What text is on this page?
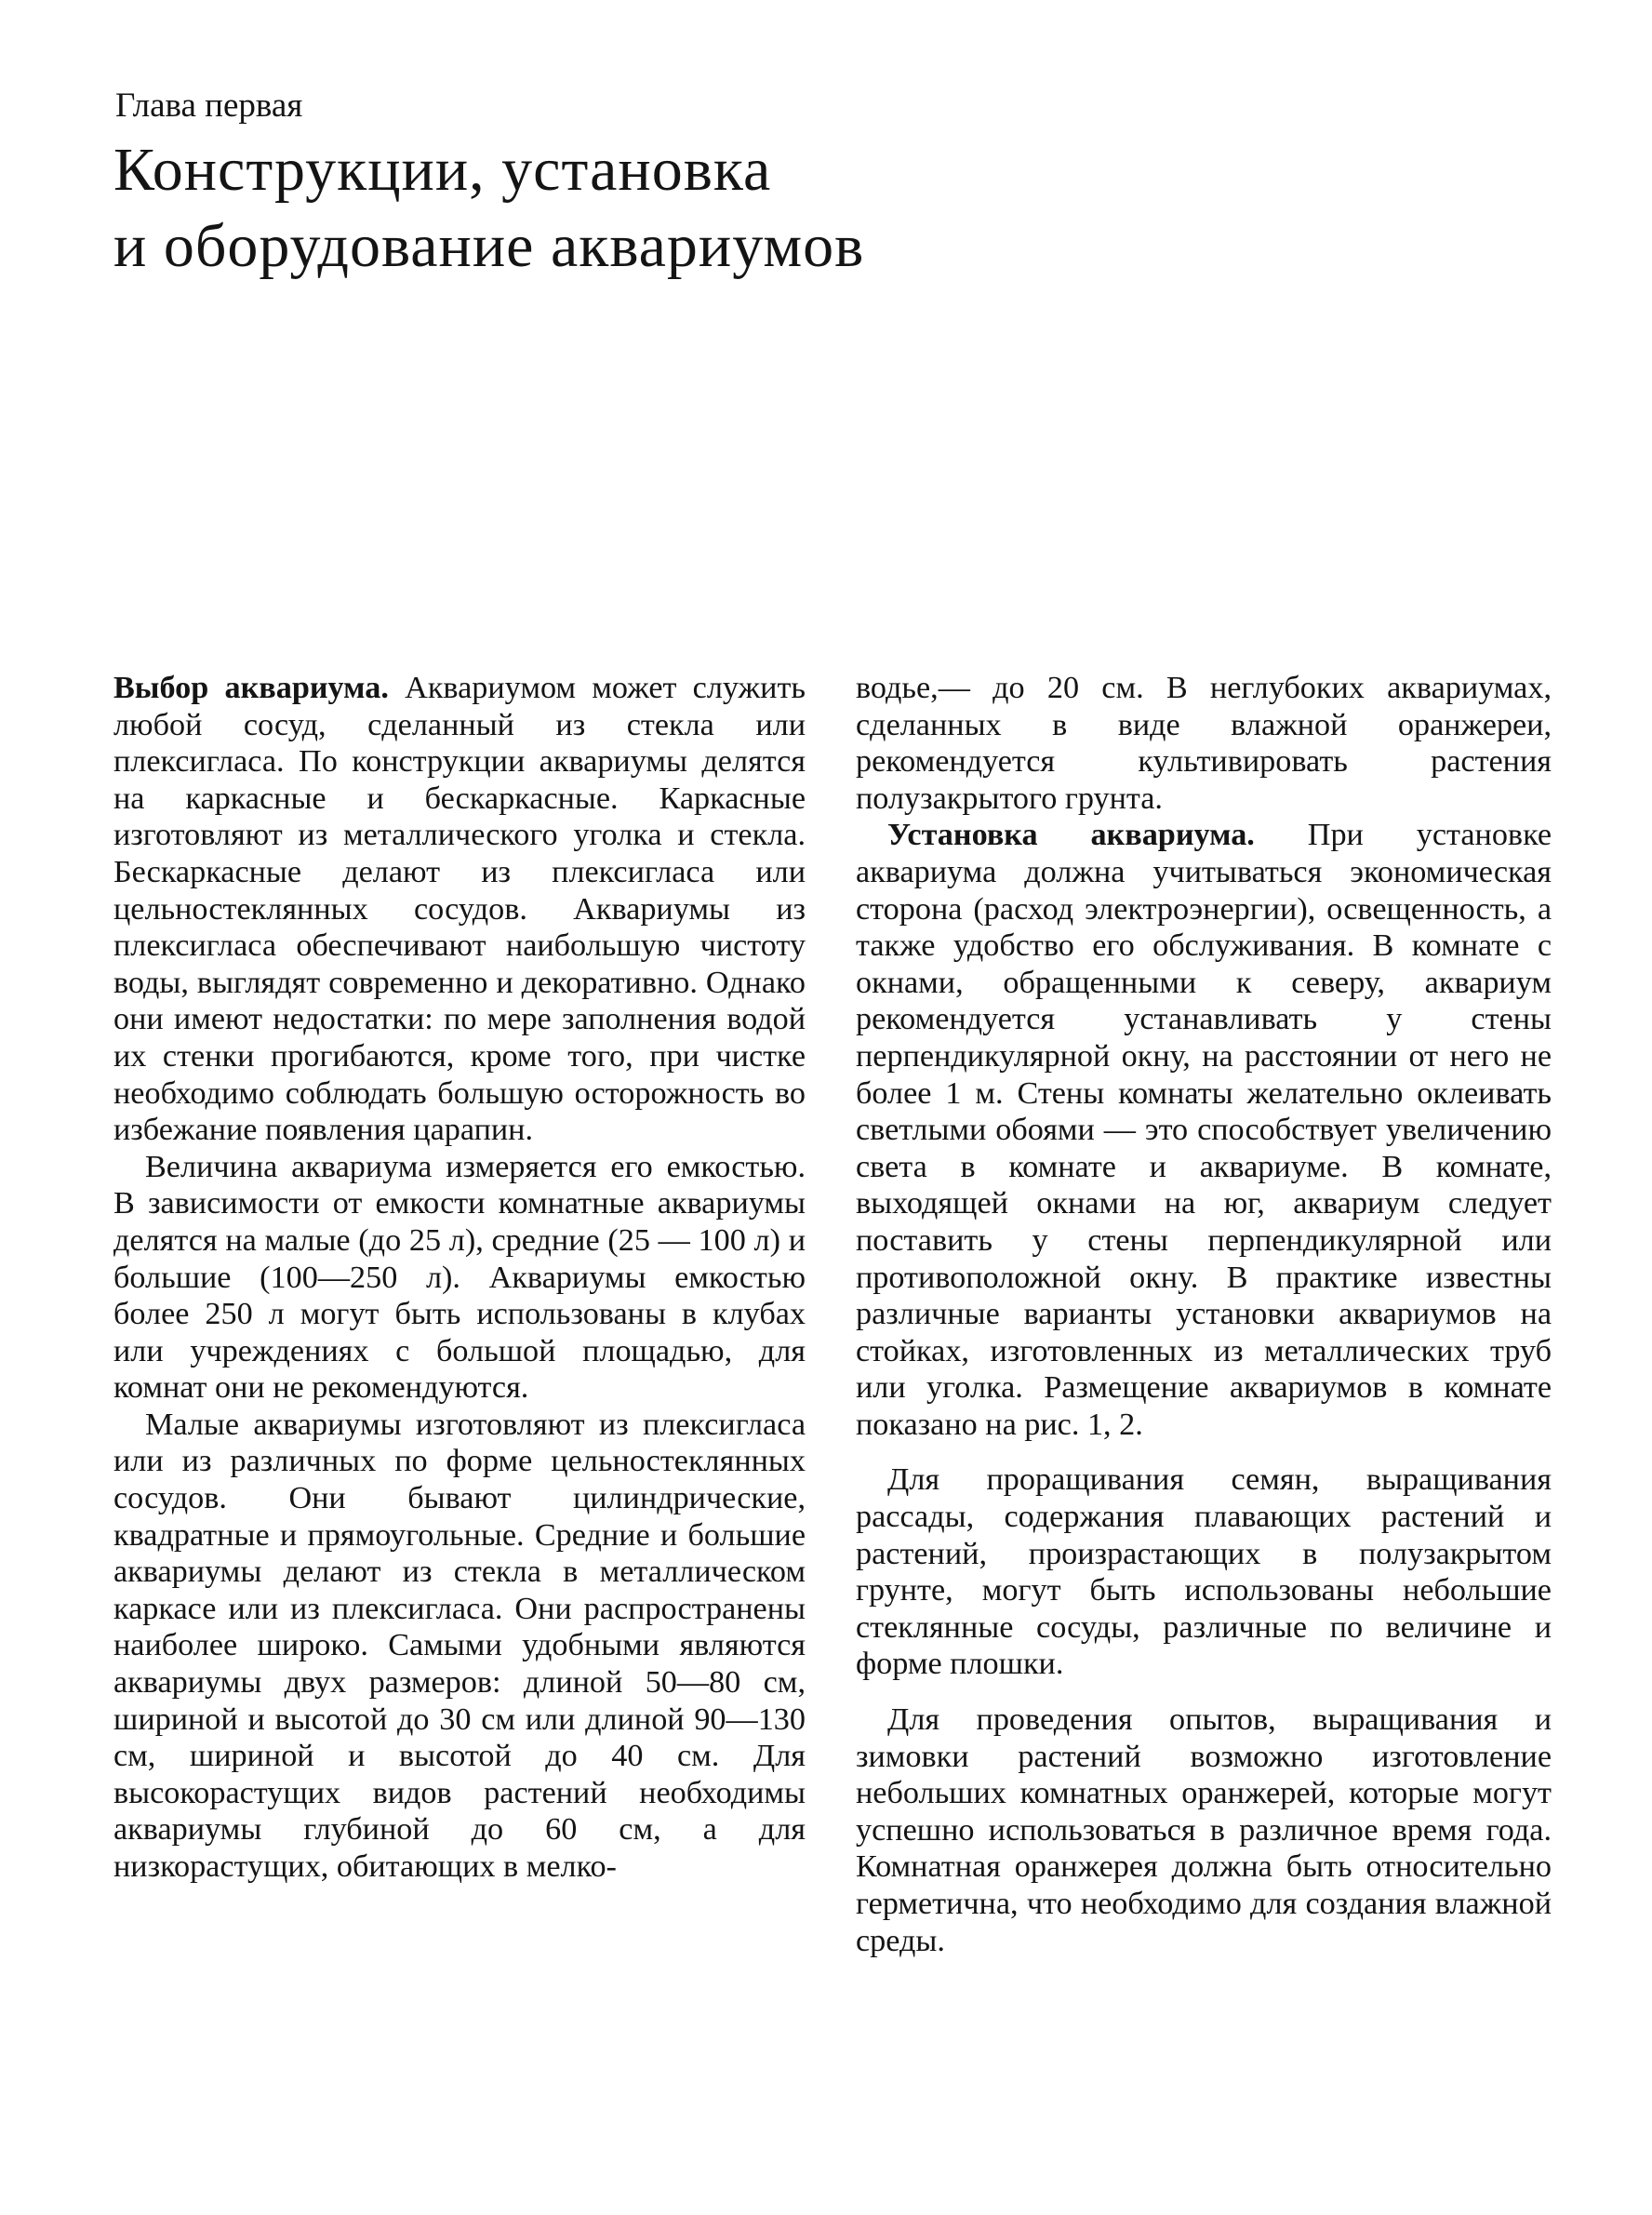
Глава первая
Конструкции, установка
и оборудование аквариумов

Выбор аквариума. Аквариумом может служить любой сосуд, сделанный из стекла или плексигласа. По конструкции аквариумы делятся на каркасные и бескаркасные. Каркасные изготовляют из металлического уголка и стекла. Бескаркасные делают из плексигласа или цельностеклянных сосудов. Аквариумы из плексигласа обеспечивают наибольшую чистоту воды, выглядят современно и декоративно. Однако они имеют недостатки: по мере заполнения водой их стенки прогибаются, кроме того, при чистке необходимо соблюдать большую осторожность во избежание появления царапин.

Величина аквариума измеряется его емкостью. В зависимости от емкости комнатные аквариумы делятся на малые (до 25 л), средние (25 — 100 л) и большие (100—250 л). Аквариумы емкостью более 250 л могут быть использованы в клубах или учреждениях с большой площадью, для комнат они не рекомендуются.

Малые аквариумы изготовляют из плексигласа или из различных по форме цельностеклянных сосудов. Они бывают цилиндрические, квадратные и прямоугольные. Средние и большие аквариумы делают из стекла в металлическом каркасе или из плексигласа. Они распространены наиболее широко. Самыми удобными являются аквариумы двух размеров: длиной 50—80 см, шириной и высотой до 30 см или длиной 90—130 см, шириной и высотой до 40 см. Для высокорастущих видов растений необходимы аквариумы глубиной до 60 см, а для низкорастущих, обитающих в мелко-

водье,— до 20 см. В неглубоких аквариумах, сделанных в виде влажной оранжереи, рекомендуется культивировать растения полузакрытого грунта.

Установка аквариума. При установке аквариума должна учитываться экономическая сторона (расход электроэнергии), освещенность, а также удобство его обслуживания. В комнате с окнами, обращенными к северу, аквариум рекомендуется устанавливать у стены перпендикулярной окну, на расстоянии от него не более 1 м. Стены комнаты желательно оклеивать светлыми обоями — это способствует увеличению света в комнате и аквариуме. В комнате, выходящей окнами на юг, аквариум следует поставить у стены перпендикулярной или противоположной окну. В практике известны различные варианты установки аквариумов на стойках, изготовленных из металлических труб или уголка. Размещение аквариумов в комнате показано на рис. 1, 2.

Для проращивания семян, выращивания рассады, содержания плавающих растений и растений, произрастающих в полузакрытом грунте, могут быть использованы небольшие стеклянные сосуды, различные по величине и форме плошки.

Для проведения опытов, выращивания и зимовки растений возможно изготовление небольших комнатных оранжерей, которые могут успешно использоваться в различное время года. Комнатная оранжерея должна быть относительно герметична, что необходимо для создания влажной среды.
